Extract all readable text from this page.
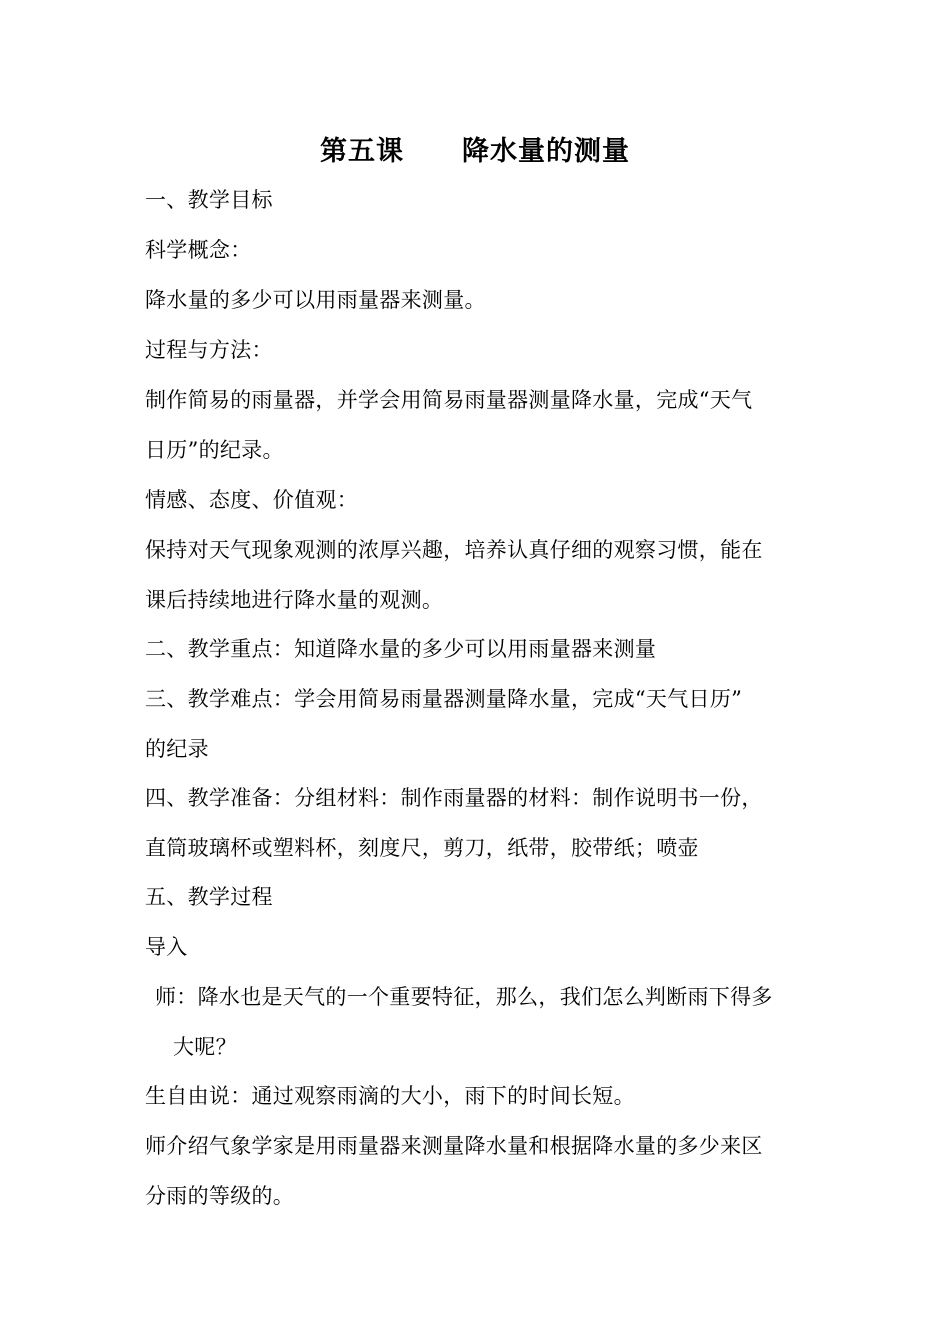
第五课 降水量的测量
一、教学目标
科学概念：
降水量的多少可以用雨量器来测量。
过程与方法：
制作简易的雨量器，并学会用简易雨量器测量降水量，完成“天气
日历”的纪录。
情感、态度、价值观：
保持对天气现象观测的浓厚兴趣，培养认真仔细的观察习惯，能在
课后持续地进行降水量的观测。
二、教学重点：知道降水量的多少可以用雨量器来测量
三、教学难点：学会用简易雨量器测量降水量，完成“天气日历”
的纪录
四、教学准备：分组材料：制作雨量器的材料：制作说明书一份，
直筒玻璃杯或塑料杯，刻度尺，剪刀，纸带，胶带纸；喷壶
五、教学过程
导入
师：降水也是天气的一个重要特征，那么，我们怎么判断雨下得多
大呢？
生自由说：通过观察雨滴的大小，雨下的时间长短。
师介绍气象学家是用雨量器来测量降水量和根据降水量的多少来区
分雨的等级的。
